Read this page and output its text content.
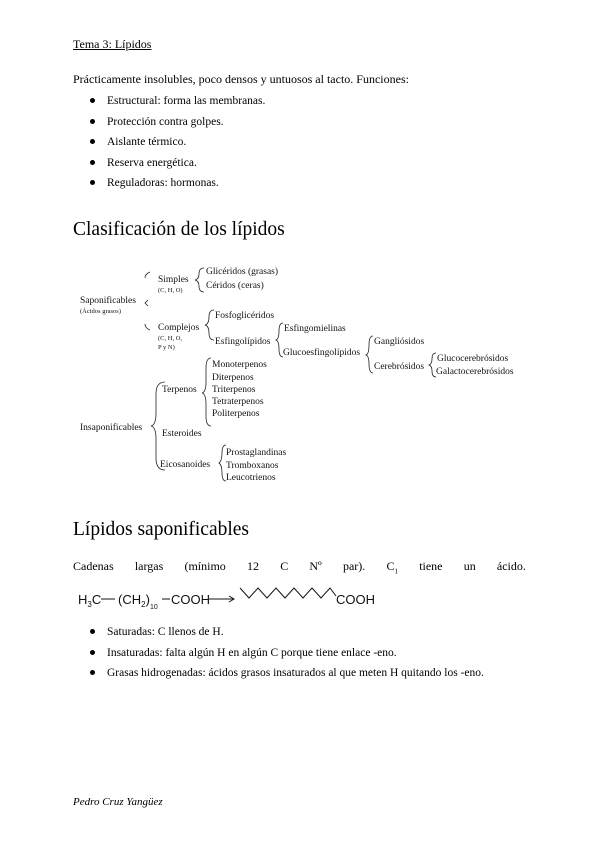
Tema 3: Lípidos
Prácticamente insolubles, poco densos y untuosos al tacto. Funciones:
Estructural: forma las membranas.
Protección contra golpes.
Aislante térmico.
Reserva energética.
Reguladoras: hormonas.
Clasificación de los lípidos
Saponificables
(Ácidos grasos)
Simples
(C, H, O)
Glicéridos (grasas)
Céridos (ceras)
Complejos
(C, H, O,
P y N)
Fosfoglicéridos
Esfingolípidos
Esfingomielinas
Glucoesfingolípidos
Gangliósidos
Cerebrósidos
Glucocerebrósidos
Galactocerebrósidos
Insaponificables
Terpenos
Monoterpenos
Diterpenos
Triterpenos
Tetraterpenos
Politerpenos
Esteroides
Eicosanoides
Prostaglandinas
Tromboxanos
Leucotrienos
Lípidos saponificables
Cadenas largas (mínimo 12 C Nº par). $C_1$ tiene un ácido.
$H_3C$ $(CH_2)$
10
COOH	COOH
Saturadas: C llenos de H.
Insaturadas: falta algún H en algún C porque tiene enlace -eno.
Grasas hidrogenadas: ácidos grasos insaturados al que meten H quitando los -eno.
Pedro Cruz Yangüez
